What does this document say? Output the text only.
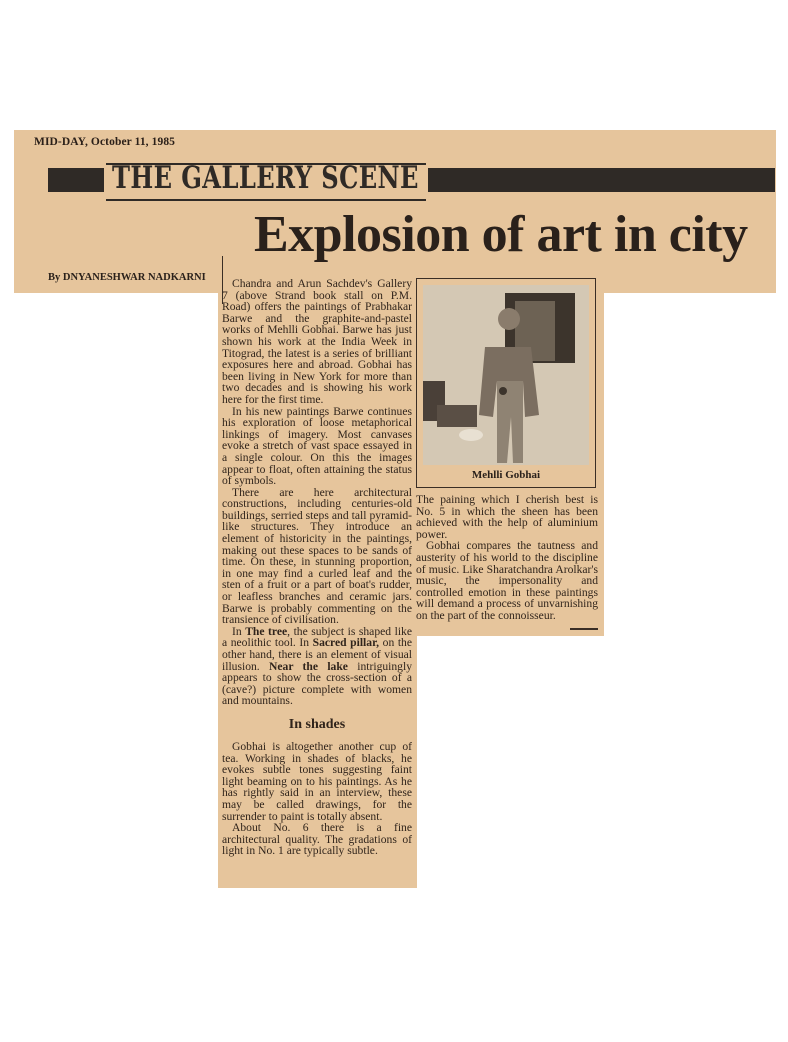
MID-DAY, October 11, 1985
THE GALLERY SCENE
Explosion of art in city
By DNYANESHWAR NADKARNI	Chandra and Arun Sachdev's Gallery 7 (above Strand book stall on P.M. Road) offers the paintings of Prabhakar Barwe and the graphite-and-pastel works of Mehlli Gobhai. Barwe has just shown his work at the India Week in Titograd, the latest is a series of brilliant exposures here and abroad. Gobhai has been living in New York for more than two decades and is showing his work here for the first time.

In his new paintings Barwe continues his exploration of loose metaphorical linkings of imagery. Most canvases evoke a stretch of vast space essayed in a single colour. On this the images appear to float, often attaining the status of symbols.

There are here architectural constructions, including centuries-old buildings, serried steps and tall pyramid-like structures. They introduce an element of historicity in the paintings, making out these spaces to be sands of time. On these, in stunning proportion, in one may find a curled leaf and the sten of a fruit or a part of boat's rudder, or leafless branches and ceramic jars. Barwe is probably commenting on the transience of civilisation.

In The tree, the subject is shaped like a neolithic tool. In Sacred pillar, on the other hand, there is an element of visual illusion. Near the lake intriguingly appears to show the cross-section of a (cave?) picture complete with women and mountains.

In shades

Gobhai is altogether another cup of tea. Working in shades of blacks, he evokes subtle tones suggesting faint light beaming on to his paintings. As he has rightly said in an interview, these may be called drawings, for the surrender to paint is totally absent.

About No. 6 there is a fine architectural quality. The gradations of light in No. 1 are typically subtle.

Mehlli Gobhai

The paining which I cherish best is No. 5 in which the sheen has been achieved with the help of aluminium power.

Gobhai compares the tautness and austerity of his world to the discipline of music. Like Sharatchandra Arolkar's music, the impersonality and controlled emotion in these paintings will demand a process of unvarnishing on the part of the connoisseur.
